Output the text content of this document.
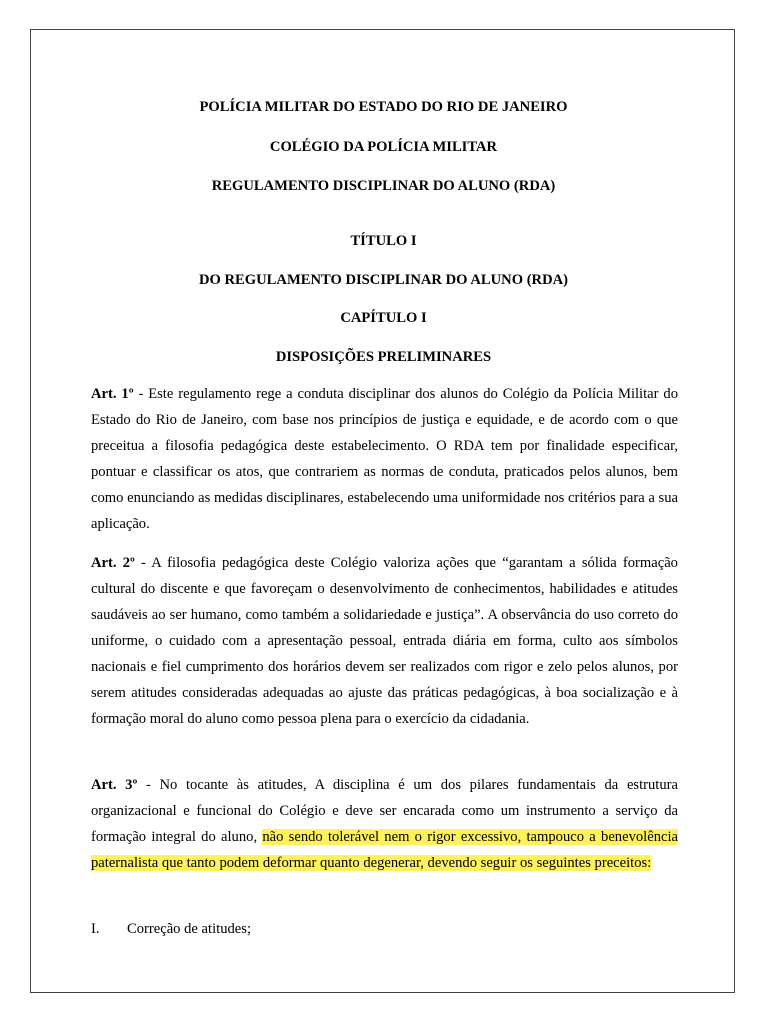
POLÍCIA MILITAR DO ESTADO DO RIO DE JANEIRO

COLÉGIO DA POLÍCIA MILITAR

REGULAMENTO DISCIPLINAR DO ALUNO (RDA)

TÍTULO I

DO REGULAMENTO DISCIPLINAR DO ALUNO (RDA)

CAPÍTULO I

DISPOSIÇÕES PRELIMINARES

Art. 1º - Este regulamento rege a conduta disciplinar dos alunos do Colégio da Polícia Militar do Estado do Rio de Janeiro, com base nos princípios de justiça e equidade, e de acordo com o que preceitua a filosofia pedagógica deste estabelecimento. O RDA tem por finalidade especificar, pontuar e classificar os atos, que contrariem as normas de conduta, praticados pelos alunos, bem como enunciando as medidas disciplinares, estabelecendo uma uniformidade nos critérios para a sua aplicação.

Art. 2º - A filosofia pedagógica deste Colégio valoriza ações que “garantam a sólida formação cultural do discente e que favoreçam o desenvolvimento de conhecimentos, habilidades e atitudes saudáveis ao ser humano, como também a solidariedade e justiça”. A observância do uso correto do uniforme, o cuidado com a apresentação pessoal, entrada diária em forma, culto aos símbolos nacionais e fiel cumprimento dos horários devem ser realizados com rigor e zelo pelos alunos, por serem atitudes consideradas adequadas ao ajuste das práticas pedagógicas, à boa socialização e à formação moral do aluno como pessoa plena para o exercício da cidadania.

Art. 3º - No tocante às atitudes, A disciplina é um dos pilares fundamentais da estrutura organizacional e funcional do Colégio e deve ser encarada como um instrumento a serviço da formação integral do aluno, não sendo tolerável nem o rigor excessivo, tampouco a benevolência paternalista que tanto podem deformar quanto degenerar, devendo seguir os seguintes preceitos:

I.	Correção de atitudes;
